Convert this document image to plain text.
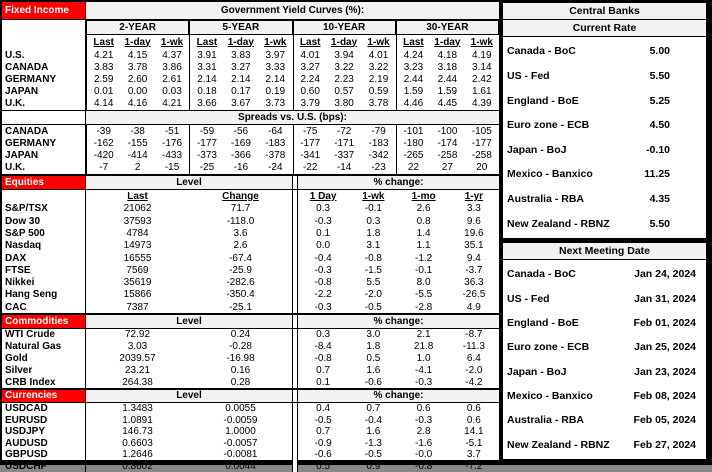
Fixed Income	Government Yield Curves (%):
2-YEAR	5-YEAR	10-YEAR	30-YEAR
Last	1-day	1-wk	Last	1-day	1-wk	Last	1-day	1-wk	Last	1-day	1-wk
U.S.	4.21	4.15	4.37	3.91	3.83	3.97	4.01	3.94	4.01	4.24	4.18	4.19
CANADA	3.83	3.78	3.86	3.31	3.27	3.33	3.27	3.22	3.22	3.23	3.18	3.14
GERMANY	2.59	2.60	2.61	2.14	2.14	2.14	2.24	2.23	2.19	2.44	2.44	2.42
JAPAN	0.01	0.00	0.03	0.18	0.17	0.19	0.60	0.57	0.59	1.59	1.59	1.61
U.K.	4.14	4.16	4.21	3.66	3.67	3.73	3.79	3.80	3.78	4.46	4.45	4.39
Spreads vs. U.S. (bps):
CANADA	-39	-38	-51	-59	-56	-64	-75	-72	-79	-101	-100	-105
GERMANY	-162	-155	-176	-177	-169	-183	-177	-171	-183	-180	-174	-177
JAPAN	-420	-414	-433	-373	-366	-378	-341	-337	-342	-265	-258	-258
U.K.	-7	2	-15	-25	-16	-24	-22	-14	-23	22	27	20
Equities	Level	% change:
Last	Change	1 Day	1-wk	1-mo	1-yr
S&P/TSX	21062	71.7	0.3	-0.1	2.6	3.3
Dow 30	37593	-118.0	-0.3	0.3	0.8	9.6
S&P 500	4784	3.6	0.1	1.8	1.4	19.6
Nasdaq	14973	2.6	0.0	3.1	1.1	35.1
DAX	16555	-67.4	-0.4	-0.8	-1.2	9.4
FTSE	7569	-25.9	-0.3	-1.5	-0.1	-3.7
Nikkei	35619	-282.6	-0.8	5.5	8.0	36.3
Hang Seng	15866	-350.4	-2.2	-2.0	-5.5	-26.5
CAC	7387	-25.1	-0.3	-0.5	-2.8	4.9
Commodities	Level	% change:
WTI Crude	72.92	0.24	0.3	3.0	2.1	-8.7
Natural Gas	3.03	-0.28	-8.4	1.8	21.8	-11.3
Gold	2039.57	-16.98	-0.8	0.5	1.0	6.4
Silver	23.21	0.16	0.7	1.6	-4.1	-2.0
CRB Index	264.38	0.28	0.1	-0.6	-0.3	-4.2
Currencies	Level	% change:
USDCAD	1.3483	0.0055	0.4	0.7	0.6	0.6
EURUSD	1.0891	-0.0059	-0.5	-0.4	-0.3	0.6
USDJPY	146.73	1.0000	0.7	1.6	2.8	14.1
AUDUSD	0.6603	-0.0057	-0.9	-1.3	-1.6	-5.1
GBPUSD	1.2646	-0.0081	-0.6	-0.5	-0.0	3.7
USDCHF	0.8602	0.0044	0.5	0.9	-0.8	-7.2
Central Banks
Current Rate
Canada - BoC	5.00
US - Fed	5.50
England - BoE	5.25
Euro zone - ECB	4.50
Japan - BoJ	-0.10
Mexico - Banxico	11.25
Australia - RBA	4.35
New Zealand - RBNZ	5.50
Next Meeting Date
Canada - BoC	Jan 24, 2024
US - Fed	Jan 31, 2024
England - BoE	Feb 01, 2024
Euro zone - ECB	Jan 25, 2024
Japan - BoJ	Jan 23, 2024
Mexico - Banxico	Feb 08, 2024
Australia - RBA	Feb 05, 2024
New Zealand - RBNZ Feb 27, 2024
